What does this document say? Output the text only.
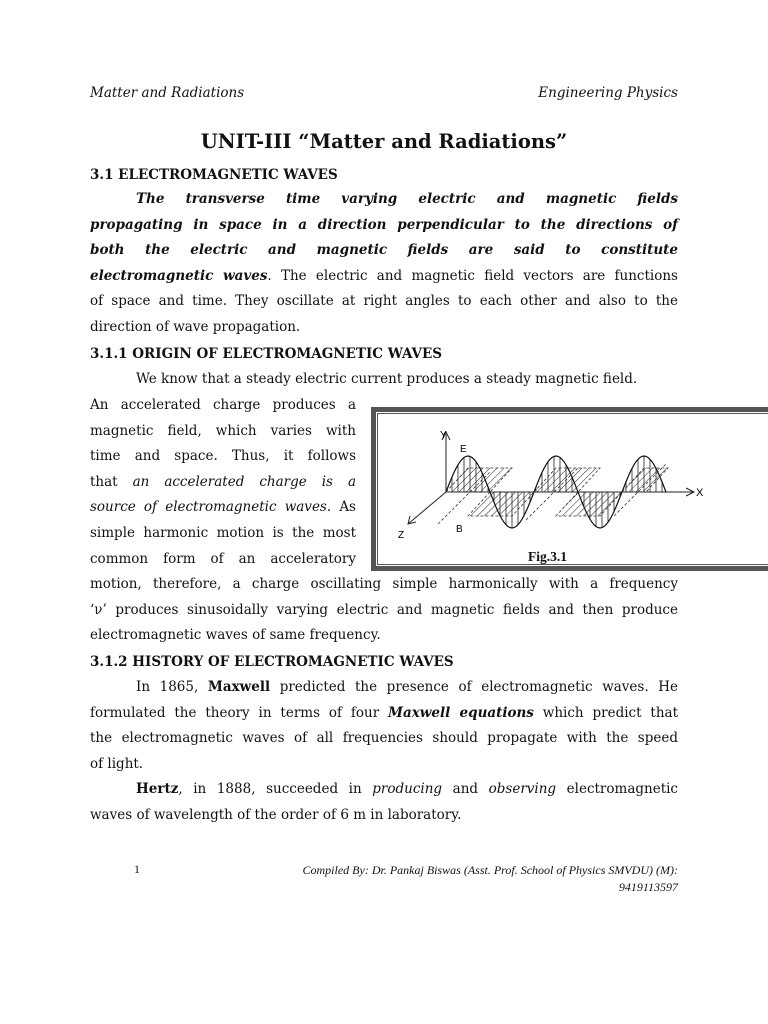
Matter and Radiations	Engineering Physics
UNIT-III “Matter and Radiations”
3.1 ELECTROMAGNETIC WAVES
The transverse time varying electric and magnetic fields
propagating in space in a direction perpendicular to the directions of
both the electric and magnetic fields are said to constitute
electromagnetic waves. The electric and magnetic field vectors are functions
of space and time. They oscillate at right angles to each other and also to the
direction of wave propagation.
3.1.1 ORIGIN OF ELECTROMAGNETIC WAVES
We know that a steady electric current produces a steady magnetic field.
An accelerated charge produces a
magnetic field, which varies with
time and space. Thus, it follows
that an accelerated charge is a
source of electromagnetic waves. As
simple harmonic motion is the most
common form of an acceleratory
Y
E
X
Z
B
Fig.3.1
motion, therefore, a charge oscillating simple harmonically with a frequency
‘ν’ produces sinusoidally varying electric and magnetic fields and then produce
electromagnetic waves of same frequency.
3.1.2 HISTORY OF ELECTROMAGNETIC WAVES
In 1865, Maxwell predicted the presence of electromagnetic waves. He
formulated the theory in terms of four Maxwell equations which predict that
the electromagnetic waves of all frequencies should propagate with the speed
of light.
Hertz, in 1888, succeeded in producing and observing electromagnetic
waves of wavelength of the order of 6 m in laboratory.
1	Compiled By: Dr. Pankaj Biswas (Asst. Prof. School of Physics SMVDU) (M):
9419113597
